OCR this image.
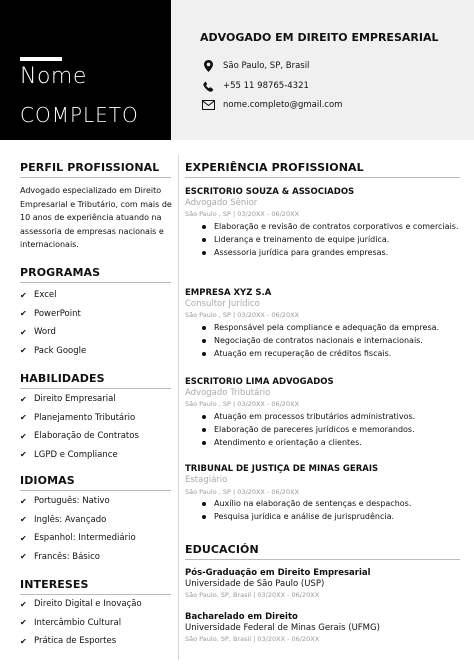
Nome
COMPLETO
ADVOGADO EM DIREITO EMPRESARIAL
São Paulo, SP, Brasil
+55 11 98765-4321
nome.completo@gmail.com
PERFIL PROFISSIONAL
Advogado especializado em Direito Empresarial e Tributário, com mais de 10 anos de experiência atuando na assessoria de empresas nacionais e internacionais.
PROGRAMAS
✔ Excel
✔ PowerPoint
✔ Word
✔ Pack Google
HABILIDADES
✔ Direito Empresarial
✔ Planejamento Tributário
✔ Elaboração de Contratos
✔ LGPD e Compliance
IDIOMAS
✔ Português: Nativo
✔ Inglês: Avançado
✔ Espanhol: Intermediário
✔ Francês: Básico
INTERESES
✔ Direito Digital e Inovação
✔ Intercâmbio Cultural
✔ Prática de Esportes
EXPERIÊNCIA PROFISSIONAL
ESCRITORIO SOUZA & ASSOCIADOS
Advogado Sênior
São Paulo , SP | 03/20XX - 06/20XX
Elaboração e revisão de contratos corporativos e comerciais.
Liderança e treinamento de equipe jurídica.
Assessoria jurídica para grandes empresas.
EMPRESA XYZ S.A
Consultor Jurídico
São Paulo , SP | 03/20XX - 06/20XX
Responsável pela compliance e adequação da empresa.
Negociação de contratos nacionais e internacionais.
Atuação em recuperação de créditos fiscais.
ESCRITORIO LIMA ADVOGADOS
Advogado Tributário
São Paulo , SP | 03/20XX - 06/20XX
Atuação em processos tributários administrativos.
Elaboração de pareceres jurídicos e memorandos.
Atendimento e orientação a clientes.
TRIBUNAL DE JUSTIÇA DE MINAS GERAIS
Estagiário
São Paulo , SP | 03/20XX - 06/20XX
Auxílio na elaboração de sentenças e despachos.
Pesquisa jurídica e análise de jurisprudência.
EDUCACIÓN
Pós-Graduação em Direito Empresarial
Universidade de São Paulo (USP)
São Paulo, SP, Brasil | 03/20XX - 06/20XX
Bacharelado em Direito
Universidade Federal de Minas Gerais (UFMG)
São Paulo, SP, Brasil | 03/20XX - 06/20XX
